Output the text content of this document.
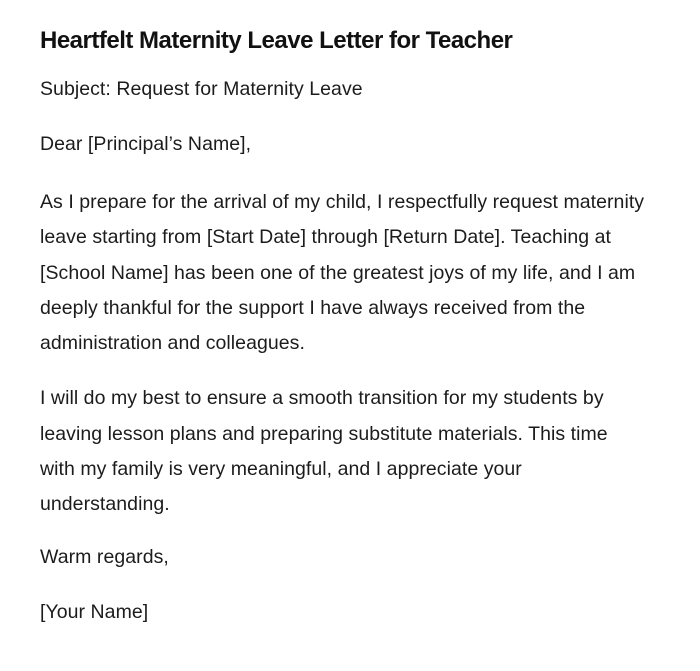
Heartfelt Maternity Leave Letter for Teacher

Subject: Request for Maternity Leave

Dear [Principal’s Name],

As I prepare for the arrival of my child, I respectfully request maternity leave starting from [Start Date] through [Return Date]. Teaching at [School Name] has been one of the greatest joys of my life, and I am deeply thankful for the support I have always received from the administration and colleagues.

I will do my best to ensure a smooth transition for my students by leaving lesson plans and preparing substitute materials. This time with my family is very meaningful, and I appreciate your understanding.

Warm regards,

[Your Name]
